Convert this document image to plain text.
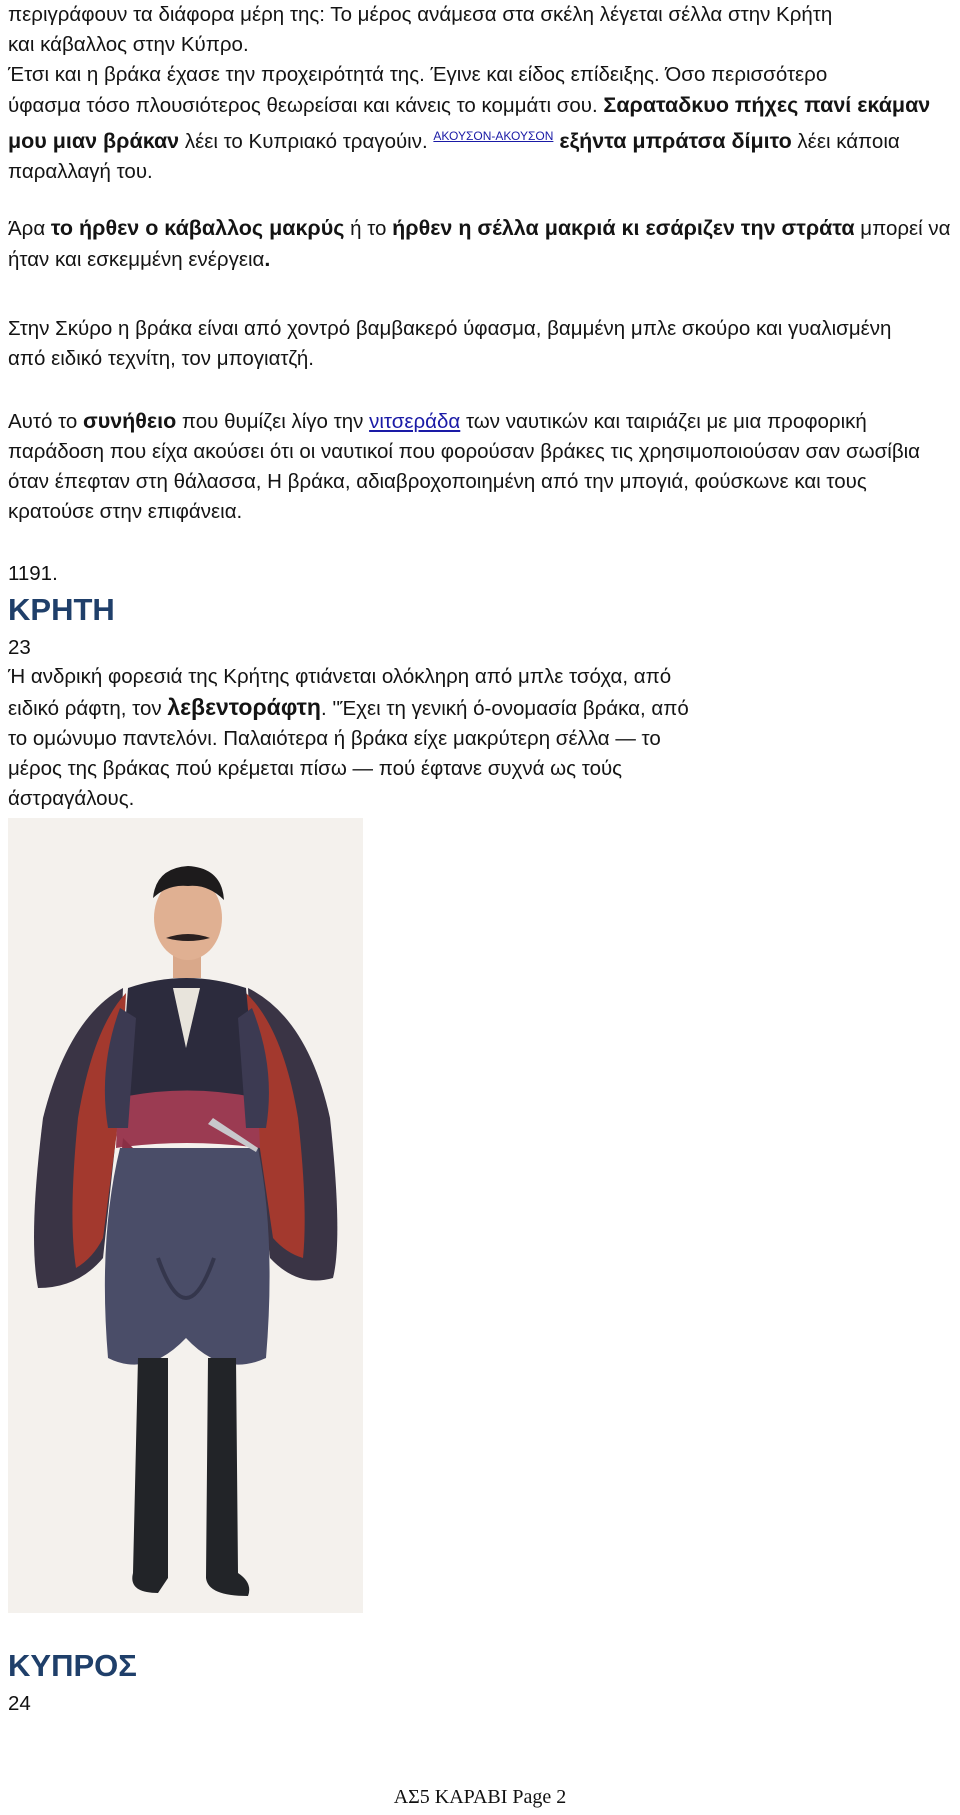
περιγράφουν τα διάφορα μέρη της: Το μέρος ανάμεσα στα σκέλη λέγεται σέλλα στην Κρήτη

και κάβαλλος στην Κύπρο.

Έτσι και η βράκα έχασε την προχειρότητά της. Έγινε και είδος επίδειξης. Όσο περισσότερο

ύφασμα τόσο πλουσιότερος θεωρείσαι και κάνεις το κομμάτι σου. Σαραταδκυο πήχες πανί εκάμαν μου μιαν βράκαν λέει το Κυπριακό τραγούιν. $^{AKO\Upsilon\Sigma ON-AKO\Upsilon\Sigma ON}$ εξήντα μπράτσα δίμιτο λέει κάποια παραλλαγή του.

Άρα το ήρθεν ο κάβαλλος μακρύς ή το ήρθεν η σέλλα μακριά κι εσάριζεν την στράτα μπορεί να ήταν και εσκεμμένη ενέργεια.

Στην Σκύρο η βράκα είναι από χοντρό βαμβακερό ύφασμα, βαμμένη μπλε σκούρο και γυαλισμένη από ειδικό τεχνίτη, τον μπογιατζή.

Αυτό το συνήθειο που θυμίζει λίγο την νιτσεράδα των ναυτικών και ταιριάζει με μια προφορική παράδοση που είχα ακούσει ότι οι ναυτικοί που φορούσαν βράκες τις χρησιμοποιούσαν σαν σωσίβια όταν έπεφταν στη θάλασσα, Η βράκα, αδιαβροχοποιημένη από την μπογιά, φούσκωνε και τους κρατούσε στην επιφάνεια.

1191.

ΚΡΗΤΗ

23

Ή ανδρική φορεσιά της Κρήτης φτιάνεται ολόκληρη από μπλε τσόχα, από ειδικό ράφτη, τον λεβεντοράφτη. ''Έχει τη γενική ό-ονομασία βράκα, από το ομώνυμο παντελόνι. Παλαιότερα ή βράκα είχε μακρύτερη σέλλα — το μέρος της βράκας πού κρέμεται πίσω — πού έφτανε συχνά ως τούς άστραγάλους.

ΚΥΠΡΟΣ

24

ΑΣ5 ΚΑΡΑΒΙ Page 2
